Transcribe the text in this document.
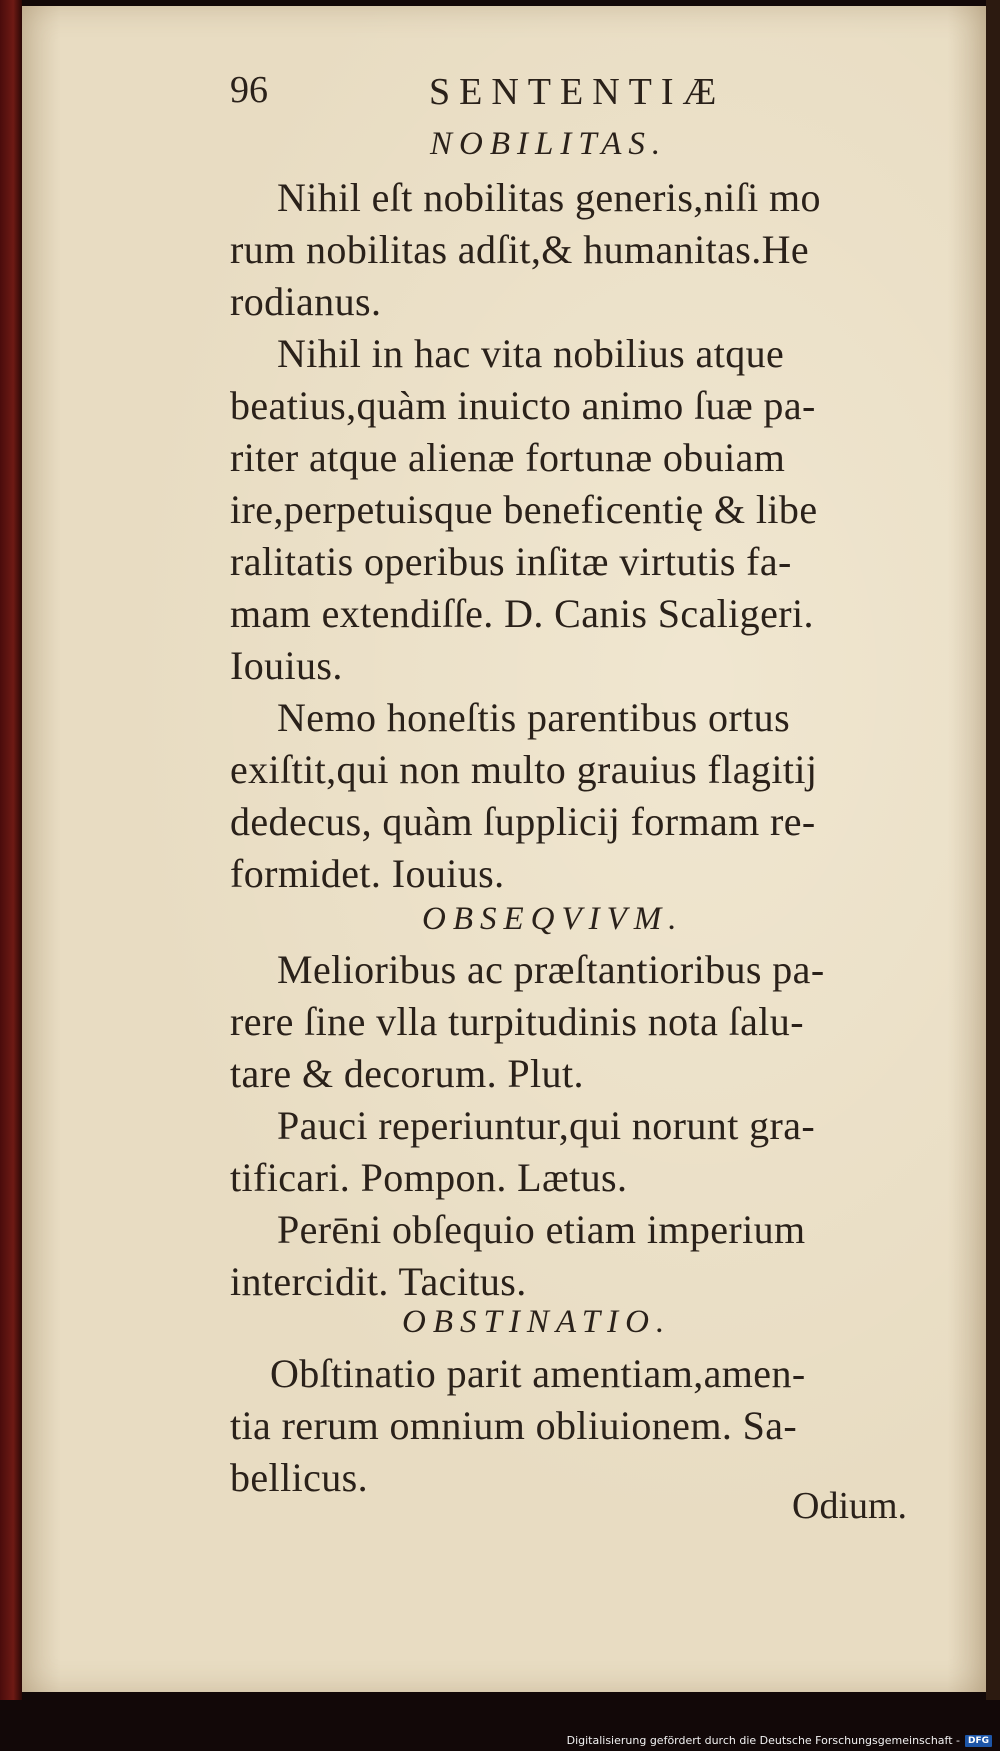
96	SENTENTIÆ
NOBILITAS.
Nihil eſt nobilitas generis,niſi mo
rum nobilitas adſit,& humanitas.He
rodianus.
Nihil in hac vita nobilius atque
beatius,quàm inuicto animo ſuæ pa-
riter atque alienæ fortunæ obuiam
ire,perpetuisque beneficentię & libe
ralitatis operibus inſitæ virtutis fa-
mam extendiſſe. D. Canis Scaligeri.
Iouius.
Nemo honeſtis parentibus ortus
exiſtit,qui non multo grauius flagitij
dedecus, quàm ſupplicij formam re-
formidet. Iouius.
OBSEQVIVM.
Melioribus ac præſtantioribus pa-
rere ſine vlla turpitudinis nota ſalu-
tare & decorum. Plut.
Pauci reperiuntur,qui norunt gra-
tificari. Pompon. Lætus.
Perēni obſequio etiam imperium
intercidit. Tacitus.
OBSTINATIO.
Obſtinatio parit amentiam,amen-
tia rerum omnium obliuionem. Sa-
bellicus.
Odium.
Digitalisierung gefördert durch die Deutsche Forschungsgemeinschaft - DFG
